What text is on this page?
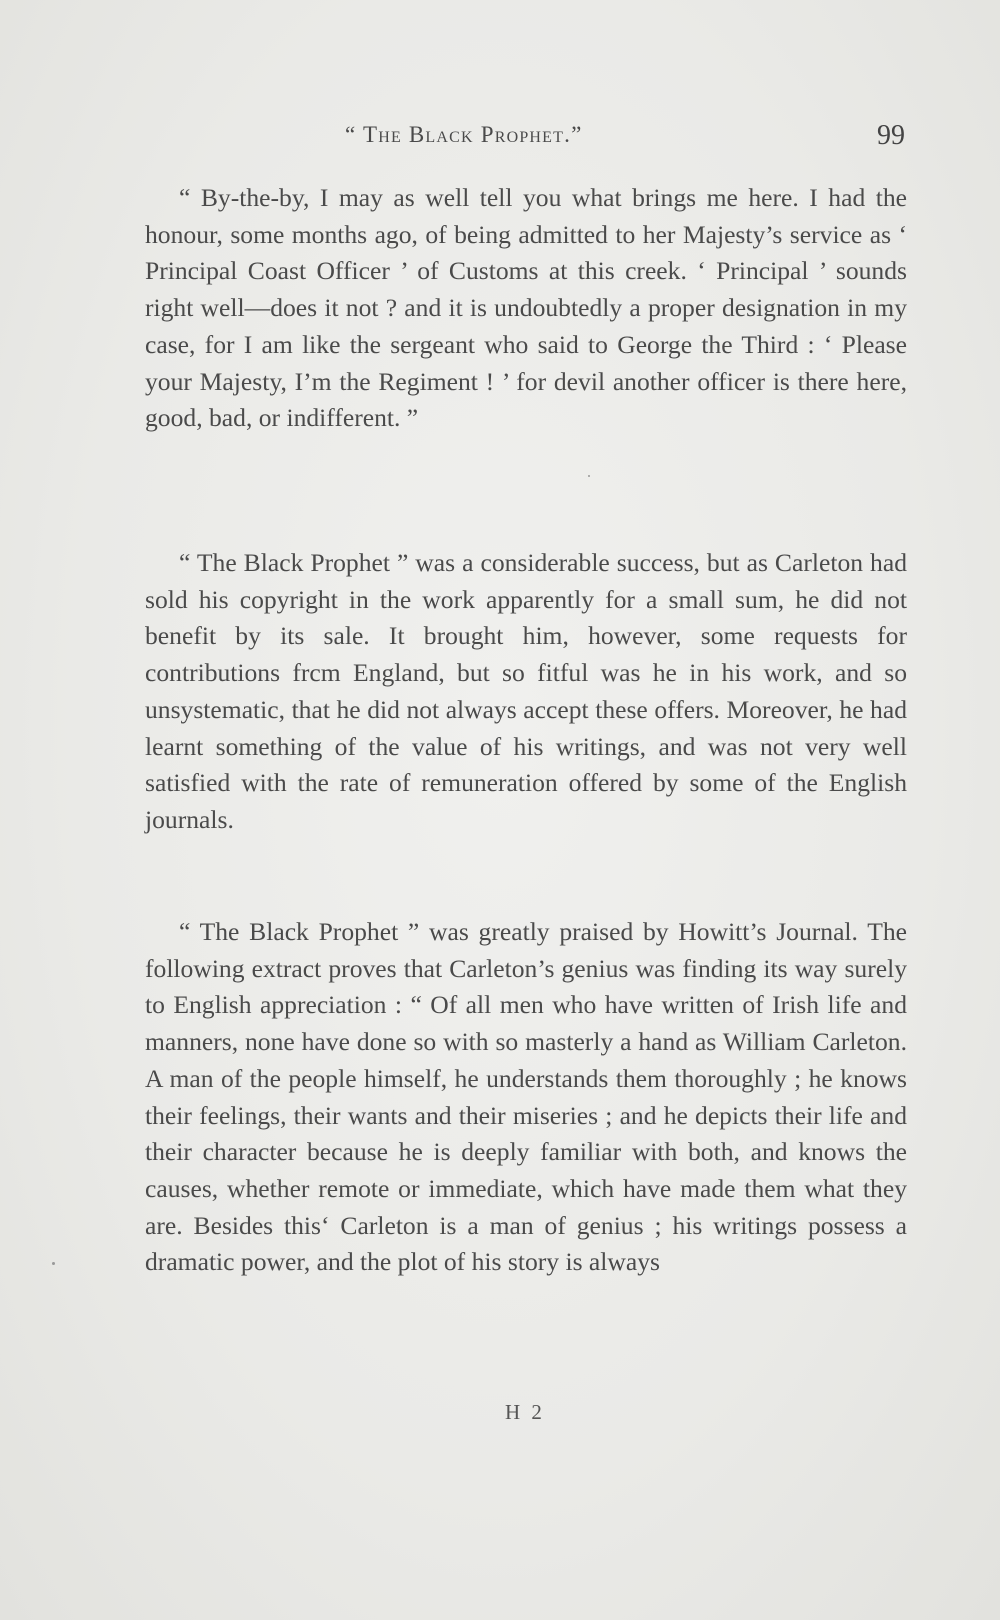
“ The Black Prophet.”	99

“ By-the-by, I may as well tell you what brings me here. I had the honour, some months ago, of being admitted to her Majesty’s service as ‘ Principal Coast Officer ’ of Customs at this creek. ‘ Principal ’ sounds right well—does it not ? and it is undoubtedly a proper designation in my case, for I am like the sergeant who said to George the Third : ‘ Please your Majesty, I’m the Regiment ! ’ for devil another officer is there here, good, bad, or indifferent. ”

“ The Black Prophet ” was a considerable success, but as Carleton had sold his copyright in the work apparently for a small sum, he did not benefit by its sale. It brought him, however, some requests for contributions frcm England, but so fitful was he in his work, and so unsystematic, that he did not always accept these offers. Moreover, he had learnt something of the value of his writings, and was not very well satisfied with the rate of remuneration offered by some of the English journals.

“ The Black Prophet ” was greatly praised by Howitt’s Journal. The following extract proves that Carleton’s genius was finding its way surely to English appreciation : “ Of all men who have written of Irish life and manners, none have done so with so masterly a hand as William Carleton. A man of the people himself, he understands them thoroughly ; he knows their feelings, their wants and their miseries ; and he depicts their life and their character because he is deeply familiar with both, and knows the causes, whether remote or immediate, which have made them what they are. Besides this‘ Carleton is a man of genius ; his writings possess a dramatic power, and the plot of his story is always

H 2
